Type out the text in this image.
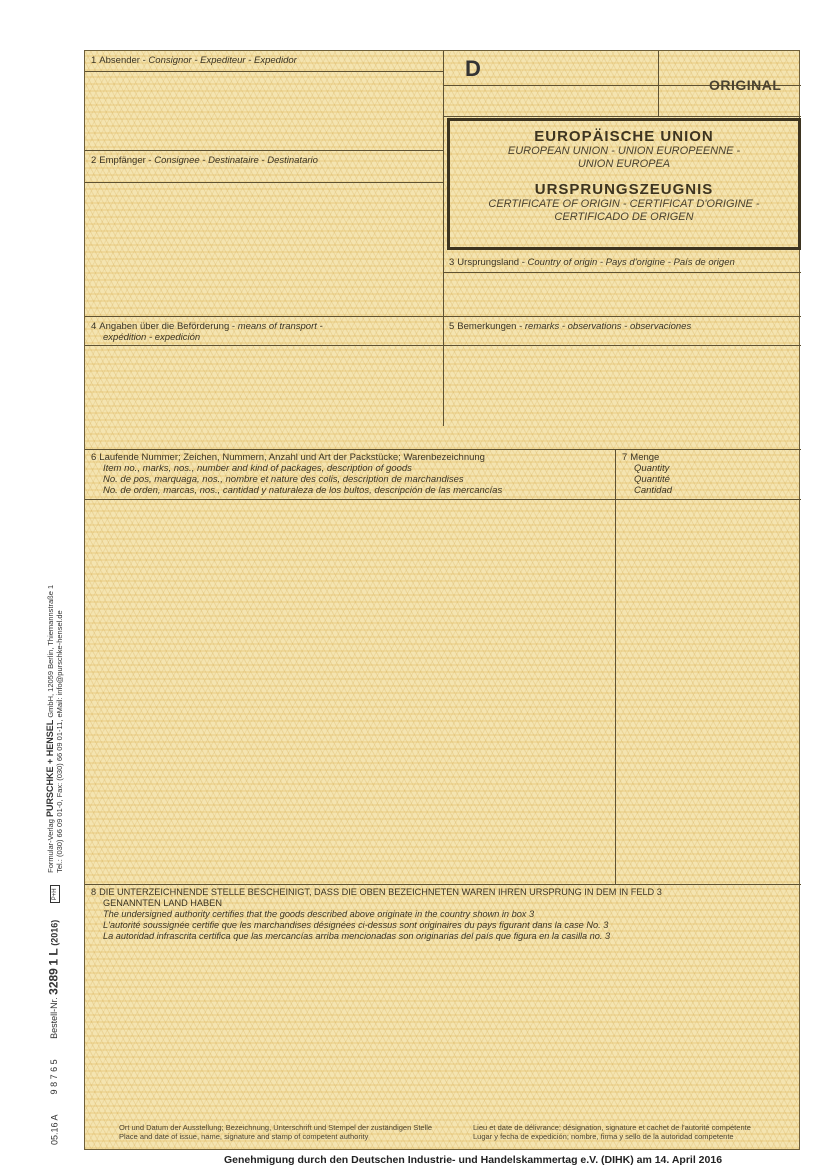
1 Absender - Consignor - Expediteur - Expedidor	D
ORIGINAL
EUROPÄISCHE UNION
EUROPEAN UNION - UNION EUROPEENNE -
UNION EUROPEA
URSPRUNGSZEUGNIS
CERTIFICATE OF ORIGIN - CERTIFICAT D'ORIGINE -
CERTIFICADO DE ORIGEN
2 Empfänger - Consignee - Destinataire - Destinatario
3 Ursprungsland - Country of origin - Pays d'origine - País de origen
4 Angaben über die Beförderung - means of transport -
expédition - expedición
5 Bemerkungen - remarks - observations - observaciones
6 Laufende Nummer; Zeichen, Nummern, Anzahl und Art der Packstücke; Warenbezeichnung
Item no., marks, nos., number and kind of packages, description of goods
No. de pos, marquaga, nos., nombre et nature des colis, description de marchandises
No. de orden, marcas, nos., cantidad y naturaleza de los bultos, descripción de las mercancías
7 Menge
Quantity
Quantité
Cantidad
8 DIE UNTERZEICHNENDE STELLE BESCHEINIGT, DASS DIE OBEN BEZEICHNETEN WAREN IHREN URSPRUNG IN DEM IN FELD 3
GENANNTEN LAND HABEN
The undersigned authority certifies that the goods described above originate in the country shown in box 3
L'autorité soussignée certifie que les marchandises désignées ci-dessus sont originaires du pays figurant dans la case No. 3
La autoridad infrascrita certifica que las mercancías arriba mencionadas son originarias del país que figura en la casilla no. 3
Ort und Datum der Ausstellung; Bezeichnung, Unterschrift und Stempel der zuständigen Stelle
Place and date of issue, name, signature and stamp of competent authority
Lieu et date de délivrance; désignation, signature et cachet de l'autorité compétente
Lugar y fecha de expedición; nombre, firma y sello de la autoridad competente
05.16 A 9 8 7 6 5 Bestell-Nr. 3289 1 L (2016) P+H Formular-Verlag PURSCHKE + HENSEL GmbH, 12059 Berlin, Thiemannstraße 1
Tel.: (030) 66 09 01-0, Fax: (030) 66 09 01-11, eMail: info@purschke-hensel.de
Genehmigung durch den Deutschen Industrie- und Handelskammertag e.V. (DIHK) am 14. April 2016
